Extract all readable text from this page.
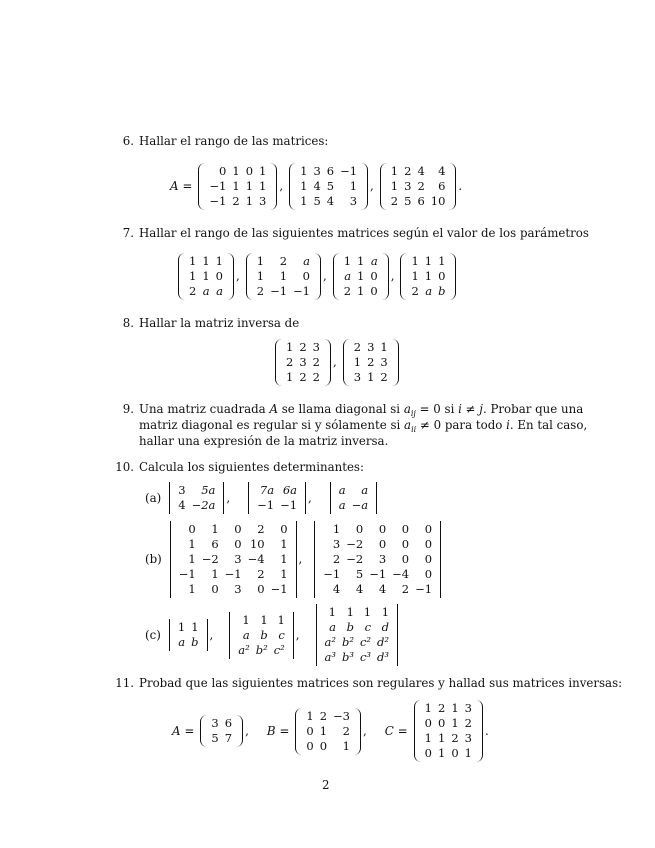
6. Hallar el rango de las matrices:
A =
0	1	0	1
−1	1	1	1
−1	2	1	3
,
1	3	6	−1
1	4	5	1
1	5	4	3
,
1	2	4	4
1	3	2	6
2	5	6	10
.
7. Hallar el rango de las siguientes matrices según el valor de los parámetros
1	1	1
1	1	0
2	a	a
,
1	2	a
1	1	0
2	−1	−1
,
1	1	a
a	1	0
2	1	0
,
1	1	1
1	1	0
2	a	b
8. Hallar la matriz inversa de
1	2	3
2	3	2
1	2	2
,
2	3	1
1	2	3
3	1	2
9. Una matriz cuadrada A se llama diagonal si $a_{ij} = 0$ si i ≠ j. Probar que una
matriz diagonal es regular si y sólamente si $a_{ii} \ne 0$ para todo i. En tal caso,
hallar una expresión de la matriz inversa.
10. Calcula los siguientes determinantes:
(a)
3	5a
4	−2a ,
7a	6a
−1	−1 ,
a	a
a	−a
(b)
0	1	0	2	0
1	6	0	10	1
1	−2	3	−4	1
−1	1	−1	2	1
1	0	3	0	−1
,
1	0	0	0	0
3	−2	0	0	0
2	−2	3	0	0
−1	5	−1	−4	0
4	4	4	2	−1
(c)
1	1
a	b ,
1	1	1
a	b	c
a²	b²	c²
,
1	1	1	1
a	b	c	d
a²	b²	c²	d²
a³	b³	c³	d³
11. Probad que las siguientes matrices son regulares y hallad sus matrices inversas:
A =
3	6
5	7 , B =
1	2	−3
0	1	2
0	0	1
, C =
1	2	1	3
0	0	1	2
1	1	2	3
0	1	0	1
.
2
